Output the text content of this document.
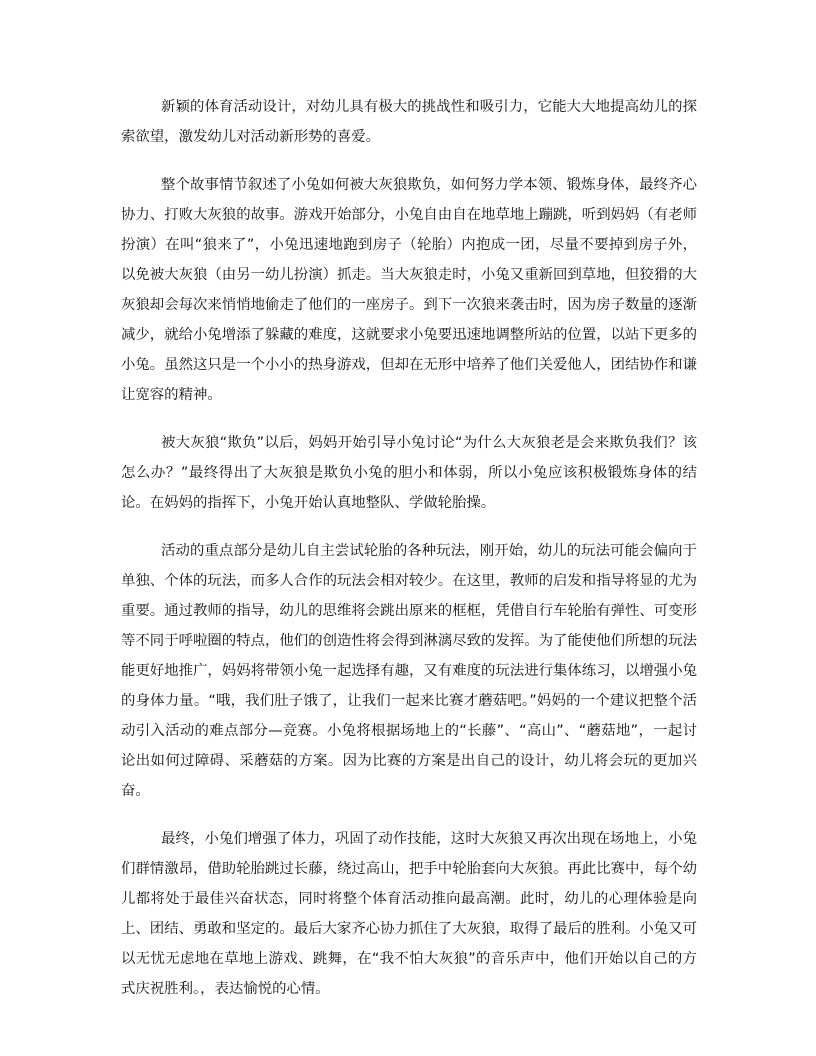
新颖的体育活动设计，对幼儿具有极大的挑战性和吸引力，它能大大地提高幼儿的探索欲望，激发幼儿对活动新形势的喜爱。

整个故事情节叙述了小兔如何被大灰狼欺负，如何努力学本领、锻炼身体，最终齐心协力、打败大灰狼的故事。游戏开始部分，小兔自由自在地草地上蹦跳，听到妈妈（有老师扮演）在叫“狼来了”，小兔迅速地跑到房子（轮胎）内抱成一团，尽量不要掉到房子外，以免被大灰狼（由另一幼儿扮演）抓走。当大灰狼走时，小兔又重新回到草地，但狡猾的大灰狼却会每次来悄悄地偷走了他们的一座房子。到下一次狼来袭击时，因为房子数量的逐渐减少，就给小兔增添了躲藏的难度，这就要求小兔要迅速地调整所站的位置，以站下更多的小兔。虽然这只是一个小小的热身游戏，但却在无形中培养了他们关爱他人，团结协作和谦让宽容的精神。

被大灰狼“欺负”以后，妈妈开始引导小兔讨论“为什么大灰狼老是会来欺负我们？该怎么办？”最终得出了大灰狼是欺负小兔的胆小和体弱，所以小兔应该积极锻炼身体的结论。在妈妈的指挥下，小兔开始认真地整队、学做轮胎操。

活动的重点部分是幼儿自主尝试轮胎的各种玩法，刚开始，幼儿的玩法可能会偏向于单独、个体的玩法，而多人合作的玩法会相对较少。在这里，教师的启发和指导将显的尤为重要。通过教师的指导，幼儿的思维将会跳出原来的框框，凭借自行车轮胎有弹性、可变形等不同于呼啦圈的特点，他们的创造性将会得到淋漓尽致的发挥。为了能使他们所想的玩法能更好地推广，妈妈将带领小兔一起选择有趣，又有难度的玩法进行集体练习，以增强小兔的身体力量。“哦，我们肚子饿了，让我们一起来比赛才蘑菇吧。”妈妈的一个建议把整个活动引入活动的难点部分—竞赛。小兔将根据场地上的“长藤”、“高山”、“蘑菇地”，一起讨论出如何过障碍、采蘑菇的方案。因为比赛的方案是出自己的设计，幼儿将会玩的更加兴奋。

最终，小兔们增强了体力，巩固了动作技能，这时大灰狼又再次出现在场地上，小兔们群情激昂，借助轮胎跳过长藤，绕过高山，把手中轮胎套向大灰狼。再此比赛中，每个幼儿都将处于最佳兴奋状态，同时将整个体育活动推向最高潮。此时，幼儿的心理体验是向上、团结、勇敢和坚定的。最后大家齐心协力抓住了大灰狼，取得了最后的胜利。小兔又可以无忧无虑地在草地上游戏、跳舞，在“我不怕大灰狼”的音乐声中，他们开始以自己的方式庆祝胜利。，表达愉悦的心情。
